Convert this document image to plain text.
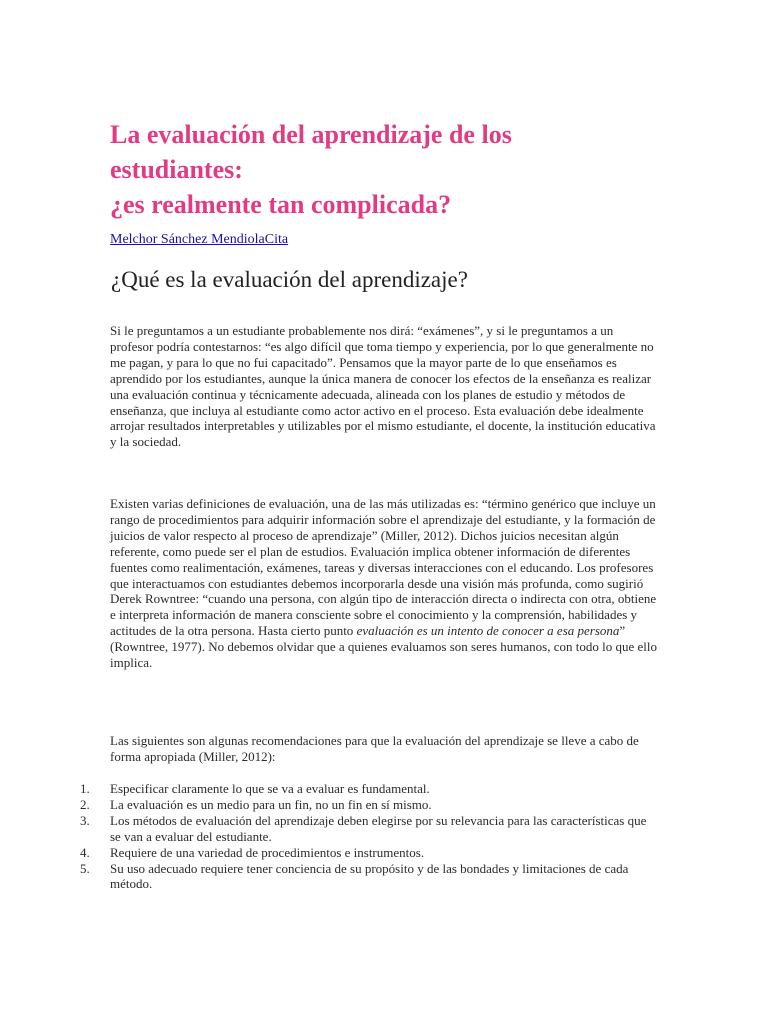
La evaluación del aprendizaje de los
estudiantes:
¿es realmente tan complicada?
Melchor Sánchez MendiolaCita
¿Qué es la evaluación del aprendizaje?

Si le preguntamos a un estudiante probablemente nos dirá: “exámenes”, y si le preguntamos a un profesor podría contestarnos: “es algo difícil que toma tiempo y experiencia, por lo que generalmente no me pagan, y para lo que no fui capacitado”. Pensamos que la mayor parte de lo que enseñamos es aprendido por los estudiantes, aunque la única manera de conocer los efectos de la enseñanza es realizar una evaluación continua y técnicamente adecuada, alineada con los planes de estudio y métodos de enseñanza, que incluya al estudiante como actor activo en el proceso. Esta evaluación debe idealmente arrojar resultados interpretables y utilizables por el mismo estudiante, el docente, la institución educativa y la sociedad.

Existen varias definiciones de evaluación, una de las más utilizadas es: “término genérico que incluye un rango de procedimientos para adquirir información sobre el aprendizaje del estudiante, y la formación de juicios de valor respecto al proceso de aprendizaje” (Miller, 2012). Dichos juicios necesitan algún referente, como puede ser el plan de estudios. Evaluación implica obtener información de diferentes fuentes como realimentación, exámenes, tareas y diversas interacciones con el educando. Los profesores que interactuamos con estudiantes debemos incorporarla desde una visión más profunda, como sugirió Derek Rowntree: “cuando una persona, con algún tipo de interacción directa o indirecta con otra, obtiene e interpreta información de manera consciente sobre el conocimiento y la comprensión, habilidades y actitudes de la otra persona. Hasta cierto punto evaluación es un intento de conocer a esa persona” (Rowntree, 1977). No debemos olvidar que a quienes evaluamos son seres humanos, con todo lo que ello implica.

Las siguientes son algunas recomendaciones para que la evaluación del aprendizaje se lleve a cabo de forma apropiada (Miller, 2012):

1. Especificar claramente lo que se va a evaluar es fundamental.
2. La evaluación es un medio para un fin, no un fin en sí mismo.
3. Los métodos de evaluación del aprendizaje deben elegirse por su relevancia para las características que se van a evaluar del estudiante.
4. Requiere de una variedad de procedimientos e instrumentos.
5. Su uso adecuado requiere tener conciencia de su propósito y de las bondades y limitaciones de cada método.
